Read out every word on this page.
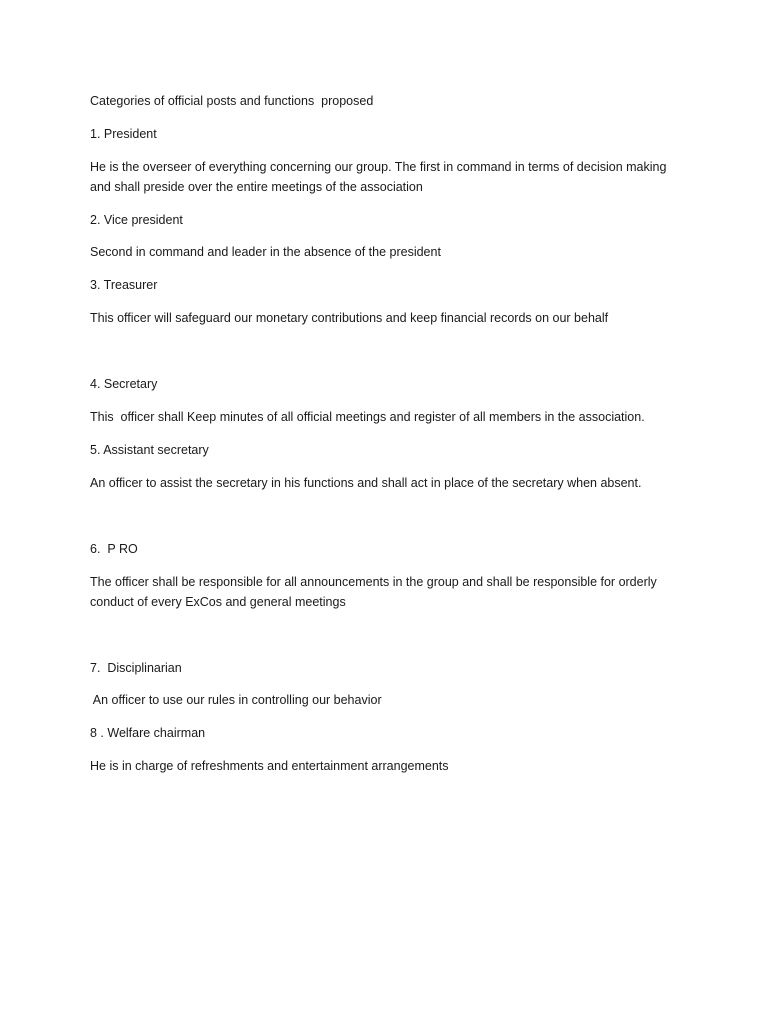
Categories of official posts and functions  proposed

1. President

He is the overseer of everything concerning our group. The first in command in terms of decision making

and shall preside over the entire meetings of the association

2. Vice president

Second in command and leader in the absence of the president

3. Treasurer

This officer will safeguard our monetary contributions and keep financial records on our behalf

4. Secretary

This  officer shall Keep minutes of all official meetings and register of all members in the association.

5. Assistant secretary

An officer to assist the secretary in his functions and shall act in place of the secretary when absent.

6.  P RO

The officer shall be responsible for all announcements in the group and shall be responsible for orderly

conduct of every ExCos and general meetings

7.  Disciplinarian

An officer to use our rules in controlling our behavior

8 . Welfare chairman

He is in charge of refreshments and entertainment arrangements
